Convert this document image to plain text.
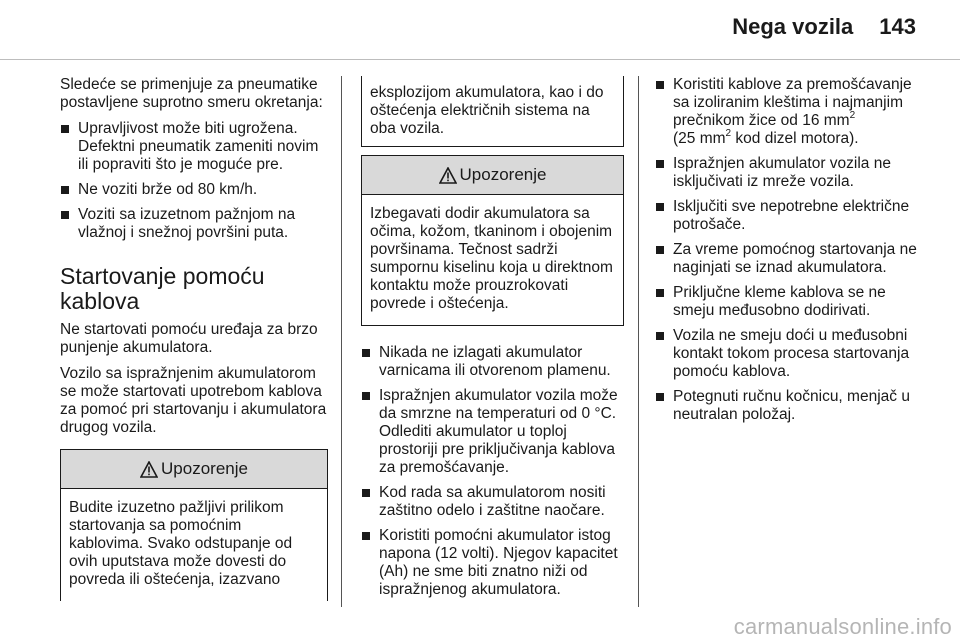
Nega vozila 143

Sledeće se primenjuje za pneumatike postavljene suprotno smeru okretanja:

Upravljivost može biti ugrožena. Defektni pneumatik zameniti novim ili popraviti što je moguće pre.
Ne voziti brže od 80 km/h.
Voziti sa izuzetnom pažnjom na vlažnoj i snežnoj površini puta.
Startovanje pomoću kablova

Ne startovati pomoću uređaja za brzo punjenje akumulatora.

Vozilo sa ispražnjenim akumulatorom se može startovati upotrebom kablova za pomoć pri startovanju i akumulatora drugog vozila.

Upozorenje
Budite izuzetno pažljivi prilikom startovanja sa pomoćnim kablovima. Svako odstupanje od ovih uputstava može dovesti do povreda ili oštećenja, izazvano
eksplozijom akumulatora, kao i do oštećenja električnih sistema na oba vozila.
Upozorenje
Izbegavati dodir akumulatora sa očima, kožom, tkaninom i obojenim površinama. Tečnost sadrži sumpornu kiselinu koja u direktnom kontaktu može prouzrokovati povrede i oštećenja.
Nikada ne izlagati akumulator varnicama ili otvorenom plamenu.
Ispražnjen akumulator vozila može da smrzne na temperaturi od 0 °C. Odlediti akumulator u toploj prostoriji pre priključivanja kablova za premošćavanje.
Kod rada sa akumulatorom nositi zaštitno odelo i zaštitne naočare.
Koristiti pomoćni akumulator istog napona (12 volti). Njegov kapacitet (Ah) ne sme biti znatno niži od ispražnjenog akumulatora.
Koristiti kablove za premošćavanje sa izoliranim kleštima i najmanjim prečnikom žice od 16 $mm^2$
(25 $mm^2$ kod dizel motora).
Ispražnjen akumulator vozila ne isključivati iz mreže vozila.
Isključiti sve nepotrebne električne potrošače.
Za vreme pomoćnog startovanja ne naginjati se iznad akumulatora.
Priključne kleme kablova se ne smeju međusobno dodirivati.
Vozila ne smeju doći u međusobni kontakt tokom procesa startovanja pomoću kablova.
Potegnuti ručnu kočnicu, menjač u neutralan položaj.
carmanualsonline.info
